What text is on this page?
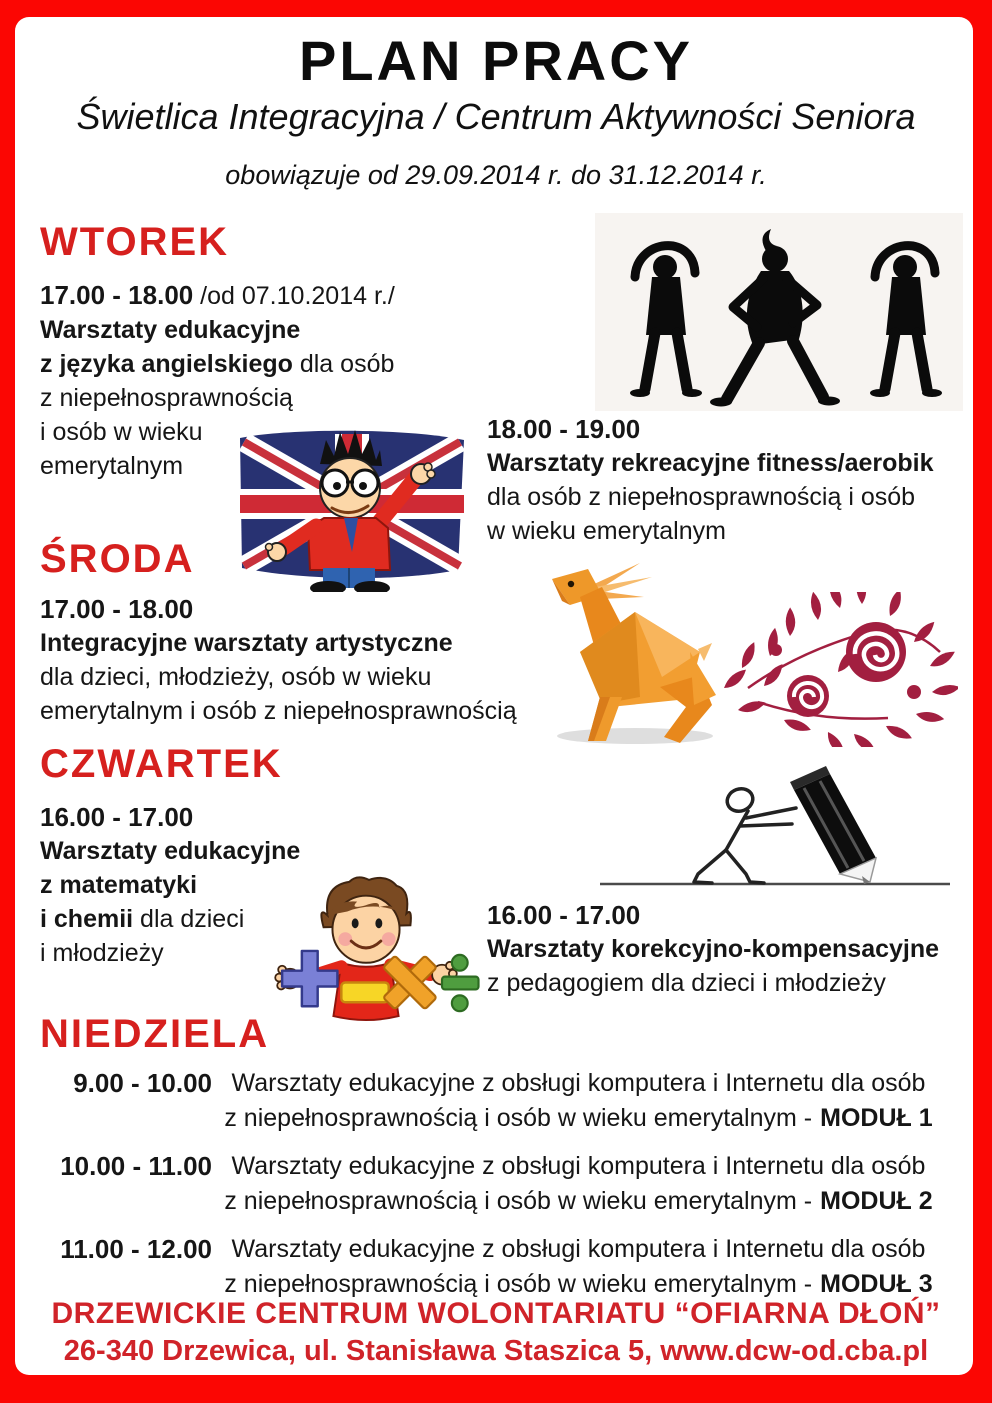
PLAN PRACY
Świetlica Integracyjna / Centrum Aktywności Seniora
obowiązuje od 29.09.2014 r. do 31.12.2014 r.
WTOREK
17.00 - 18.00 /od 07.10.2014 r./
Warsztaty edukacyjne
z języka angielskiego dla osób
z niepełnosprawnością
i osób w wieku
emerytalnym
18.00 - 19.00
Warsztaty rekreacyjne fitness/aerobik
dla osób z niepełnosprawnością i osób
w wieku emerytalnym
ŚRODA
17.00 - 18.00
Integracyjne warsztaty artystyczne
dla dzieci, młodzieży, osób w wieku
emerytalnym i osób z niepełnosprawnością
CZWARTEK
16.00 - 17.00
Warsztaty edukacyjne
z matematyki
i chemii dla dzieci
i młodzieży
16.00 - 17.00
Warsztaty korekcyjno-kompensacyjne
z pedagogiem dla dzieci i młodzieży
NIEDZIELA
9.00 - 10.00 Warsztaty edukacyjne z obsługi komputera i Internetu dla osób
z niepełnosprawnością i osób w wieku emerytalnym - MODUŁ 1
10.00 - 11.00 Warsztaty edukacyjne z obsługi komputera i Internetu dla osób
z niepełnosprawnością i osób w wieku emerytalnym - MODUŁ 2
11.00 - 12.00 Warsztaty edukacyjne z obsługi komputera i Internetu dla osób
z niepełnosprawnością i osób w wieku emerytalnym - MODUŁ 3
DRZEWICKIE CENTRUM WOLONTARIATU “OFIARNA DŁOŃ”
26-340 Drzewica, ul. Stanisława Staszica 5, www.dcw-od.cba.pl
